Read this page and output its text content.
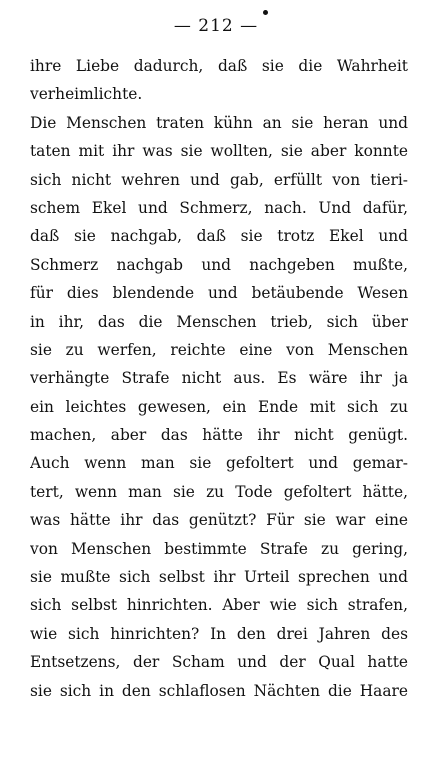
— 212 —
ihre Liebe dadurch, daß sie die Wahrheit
verheimlichte.
Die Menschen traten kühn an sie heran und
taten mit ihr was sie wollten, sie aber konnte
sich nicht wehren und gab, erfüllt von tieri-
schem Ekel und Schmerz, nach. Und dafür,
daß sie nachgab, daß sie trotz Ekel und
Schmerz nachgab und nachgeben mußte,
für dies blendende und betäubende Wesen
in ihr, das die Menschen trieb, sich über
sie zu werfen, reichte eine von Menschen
verhängte Strafe nicht aus. Es wäre ihr ja
ein leichtes gewesen, ein Ende mit sich zu
machen, aber das hätte ihr nicht genügt.
Auch wenn man sie gefoltert und gemar-
tert, wenn man sie zu Tode gefoltert hätte,
was hätte ihr das genützt? Für sie war eine
von Menschen bestimmte Strafe zu gering,
sie mußte sich selbst ihr Urteil sprechen und
sich selbst hinrichten. Aber wie sich strafen,
wie sich hinrichten? In den drei Jahren des
Entsetzens, der Scham und der Qual hatte
sie sich in den schlaflosen Nächten die Haare
